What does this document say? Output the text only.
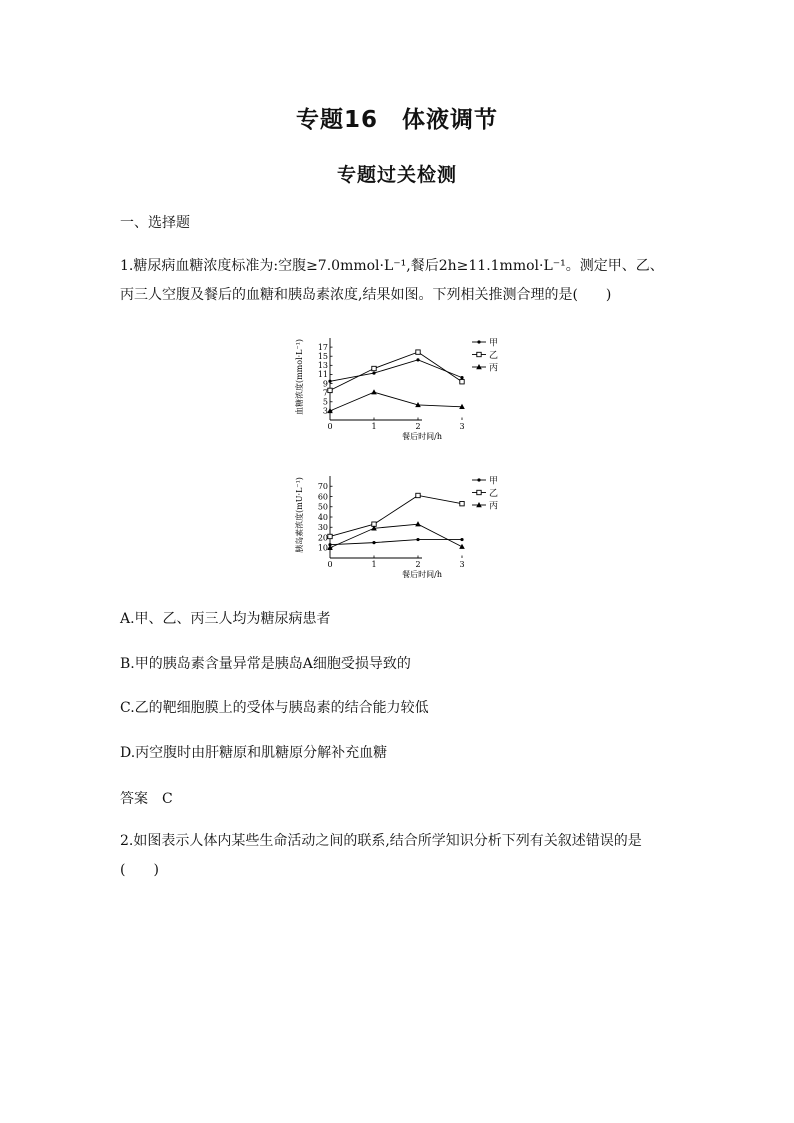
专题16　体液调节
专题过关检测
一、选择题
1.糖尿病血糖浓度标准为:空腹≥7.0mmol·L⁻¹,餐后2h≥11.1mmol·L⁻¹。测定甲、乙、
丙三人空腹及餐后的血糖和胰岛素浓度,结果如图。下列相关推测合理的是(　　)
0	1	2	3
3
5
7
9
11
13
15
17
血糖浓度(mmol·L⁻¹)
餐后时间/h
甲
乙
丙
0	1	2	3
10
20
30
40
50
60
70
胰岛素浓度(mU·L⁻¹)
餐后时间/h
甲
乙
丙
A.甲、乙、丙三人均为糖尿病患者
B.甲的胰岛素含量异常是胰岛A细胞受损导致的
C.乙的靶细胞膜上的受体与胰岛素的结合能力较低
D.丙空腹时由肝糖原和肌糖原分解补充血糖
答案　C
2.如图表示人体内某些生命活动之间的联系,结合所学知识分析下列有关叙述错误的是
(　　)
